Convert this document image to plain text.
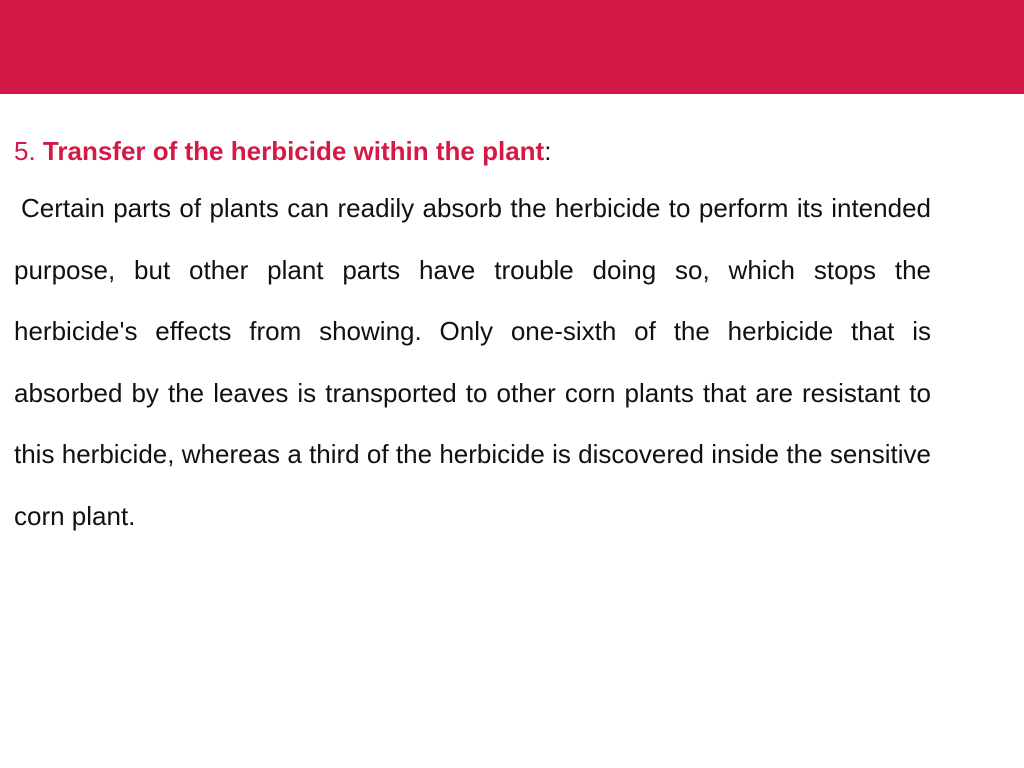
5. Transfer of the herbicide within the plant:

Certain parts of plants can readily absorb the herbicide to perform its intended purpose, but other plant parts have trouble doing so, which stops the herbicide's effects from showing. Only one-sixth of the herbicide that is absorbed by the leaves is transported to other corn plants that are resistant to this herbicide, whereas a third of the herbicide is discovered inside the sensitive corn plant.
